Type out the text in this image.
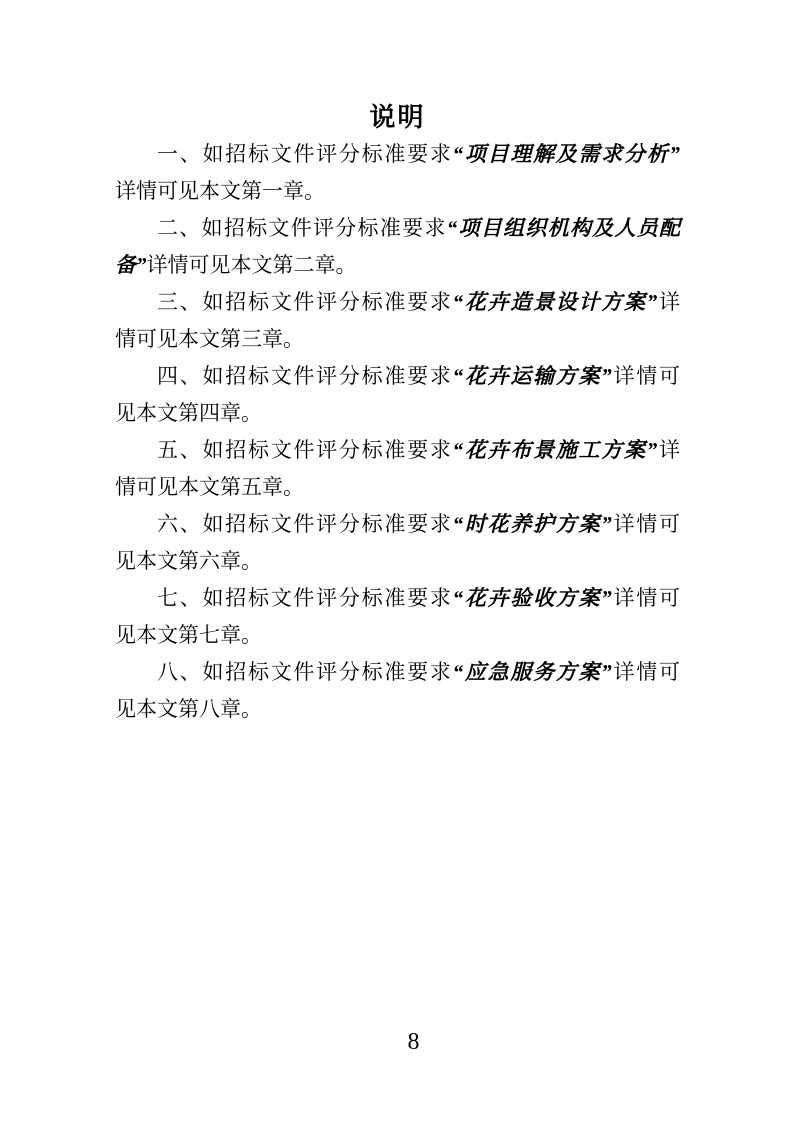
说明
一、如招标文件评分标准要求“项目理解及需求分析”
详情可见本文第一章。
二、如招标文件评分标准要求“项目组织机构及人员配
备”详情可见本文第二章。
三、如招标文件评分标准要求“花卉造景设计方案”详
情可见本文第三章。
四、如招标文件评分标准要求“花卉运输方案”详情可
见本文第四章。
五、如招标文件评分标准要求“花卉布景施工方案”详
情可见本文第五章。
六、如招标文件评分标准要求“时花养护方案”详情可
见本文第六章。
七、如招标文件评分标准要求“花卉验收方案”详情可
见本文第七章。
八、如招标文件评分标准要求“应急服务方案”详情可
见本文第八章。
8
